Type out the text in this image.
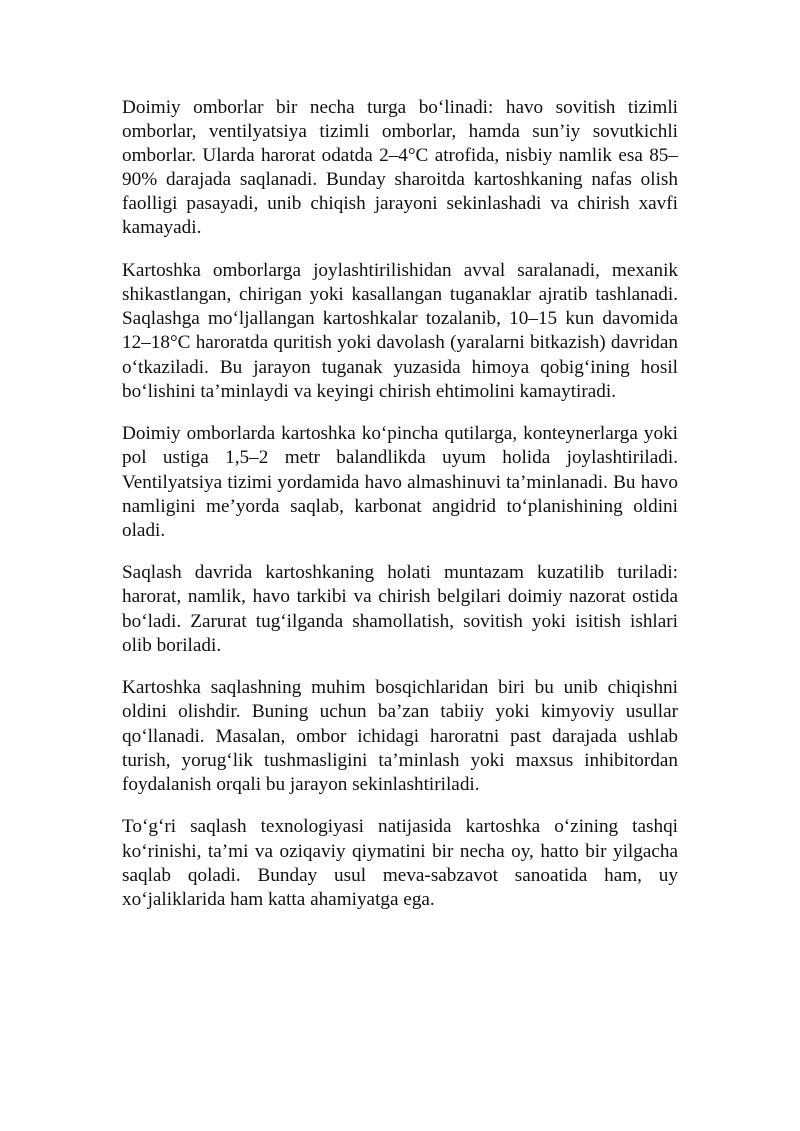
Doimiy omborlar bir necha turga bo‘linadi: havo sovitish tizimli omborlar, ventilyatsiya tizimli omborlar, hamda sun’iy sovutkichli omborlar. Ularda harorat odatda 2–4°C atrofida, nisbiy namlik esa 85–90% darajada saqlanadi. Bunday sharoitda kartoshkaning nafas olish faolligi pasayadi, unib chiqish jarayoni sekinlashadi va chirish xavfi kamayadi.

Kartoshka omborlarga joylashtirilishidan avval saralanadi, mexanik shikastlangan, chirigan yoki kasallangan tuganaklar ajratib tashlanadi. Saqlashga mo‘ljallangan kartoshkalar tozalanib, 10–15 kun davomida 12–18°C haroratda quritish yoki davolash (yaralarni bitkazish) davridan o‘tkaziladi. Bu jarayon tuganak yuzasida himoya qobig‘ining hosil bo‘lishini ta’minlaydi va keyingi chirish ehtimolini kamaytiradi.

Doimiy omborlarda kartoshka ko‘pincha qutilarga, konteynerlarga yoki pol ustiga 1,5–2 metr balandlikda uyum holida joylashtiriladi. Ventilyatsiya tizimi yordamida havo almashinuvi ta’minlanadi. Bu havo namligini me’yorda saqlab, karbonat angidrid to‘planishining oldini oladi.

Saqlash davrida kartoshkaning holati muntazam kuzatilib turiladi: harorat, namlik, havo tarkibi va chirish belgilari doimiy nazorat ostida bo‘ladi. Zarurat tug‘ilganda shamollatish, sovitish yoki isitish ishlari olib boriladi.

Kartoshka saqlashning muhim bosqichlaridan biri bu unib chiqishni oldini olishdir. Buning uchun ba’zan tabiiy yoki kimyoviy usullar qo‘llanadi. Masalan, ombor ichidagi haroratni past darajada ushlab turish, yorug‘lik tushmasligini ta’minlash yoki maxsus inhibitordan foydalanish orqali bu jarayon sekinlashtiriladi.

To‘g‘ri saqlash texnologiyasi natijasida kartoshka o‘zining tashqi ko‘rinishi, ta’mi va oziqaviy qiymatini bir necha oy, hatto bir yilgacha saqlab qoladi. Bunday usul meva-sabzavot sanoatida ham, uy xo‘jaliklarida ham katta ahamiyatga ega.
